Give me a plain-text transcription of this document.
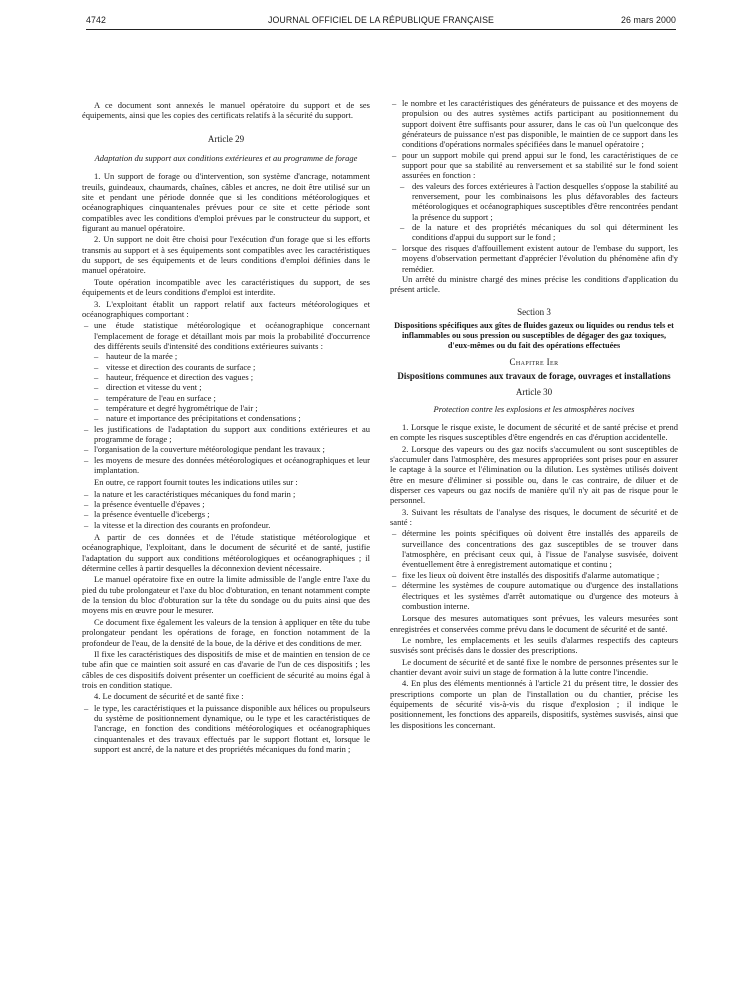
4742	JOURNAL OFFICIEL DE LA RÉPUBLIQUE FRANÇAISE	26 mars 2000

A ce document sont annexés le manuel opératoire du support et de ses équipements, ainsi que les copies des certificats relatifs à la sécurité du support.

Article 29

Adaptation du support aux conditions extérieures et au programme de forage

1. Un support de forage ou d'intervention, son système d'ancrage, notamment treuils, guindeaux, chaumards, chaînes, câbles et ancres, ne doit être utilisé sur un site et pendant une période donnée que si les conditions météorologiques et océanographiques cinquantenales prévues pour ce site et cette période sont compatibles avec les conditions d'emploi prévues par le constructeur du support, et figurant au manuel opératoire.

2. Un support ne doit être choisi pour l'exécution d'un forage que si les efforts transmis au support et à ses équipements sont compatibles avec les caractéristiques du support, de ses équipements et de leurs conditions d'emploi définies dans le manuel opératoire.

Toute opération incompatible avec les caractéristiques du support, de ses équipements et de leurs conditions d'emploi est interdite.

3. L'exploitant établit un rapport relatif aux facteurs météorologiques et océanographiques comportant :

– une étude statistique météorologique et océanographique concernant l'emplacement de forage et détaillant mois par mois la probabilité d'occurrence des différents seuils d'intensité des conditions extérieures suivants :
– hauteur de la marée ;
– vitesse et direction des courants de surface ;
– hauteur, fréquence et direction des vagues ;
– direction et vitesse du vent ;
– température de l'eau en surface ;
– température et degré hygrométrique de l'air ;
– nature et importance des précipitations et condensations ;
– les justifications de l'adaptation du support aux conditions extérieures et au programme de forage ;
– l'organisation de la couverture météorologique pendant les travaux ;
– les moyens de mesure des données météorologiques et océanographiques et leur implantation.

En outre, ce rapport fournit toutes les indications utiles sur :

– la nature et les caractéristiques mécaniques du fond marin ;
– la présence éventuelle d'épaves ;
– la présence éventuelle d'icebergs ;
– la vitesse et la direction des courants en profondeur.

A partir de ces données et de l'étude statistique météorologique et océanographique, l'exploitant, dans le document de sécurité et de santé, justifie l'adaptation du support aux conditions météorologiques et océanographiques ; il détermine celles à partir desquelles la déconnexion devient nécessaire.

Le manuel opératoire fixe en outre la limite admissible de l'angle entre l'axe du pied du tube prolongateur et l'axe du bloc d'obturation, en tenant notamment compte de la tension du bloc d'obturation sur la tête du sondage ou du puits ainsi que des moyens mis en œuvre pour le mesurer.

Ce document fixe également les valeurs de la tension à appliquer en tête du tube prolongateur pendant les opérations de forage, en fonction notamment de la profondeur de l'eau, de la densité de la boue, de la dérive et des conditions de mer.

Il fixe les caractéristiques des dispositifs de mise et de maintien en tension de ce tube afin que ce maintien soit assuré en cas d'avarie de l'un de ces dispositifs ; les câbles de ces dispositifs doivent présenter un coefficient de sécurité au moins égal à trois en condition statique.

4. Le document de sécurité et de santé fixe :

– le type, les caractéristiques et la puissance disponible aux hélices ou propulseurs du système de positionnement dynamique, ou le type et les caractéristiques de l'ancrage, en fonction des conditions météorologiques et océanographiques cinquantenales et des travaux effectués par le support flottant et, lorsque le support est ancré, de la nature et des propriétés mécaniques du fond marin ;
– le nombre et les caractéristiques des générateurs de puissance et des moyens de propulsion ou des autres systèmes actifs participant au positionnement du support doivent être suffisants pour assurer, dans le cas où l'un quelconque des générateurs de puissance n'est pas disponible, le maintien de ce support dans les conditions d'opérations normales spécifiées dans le manuel opératoire ;
– pour un support mobile qui prend appui sur le fond, les caractéristiques de ce support pour que sa stabilité au renversement et sa stabilité sur le fond soient assurées en fonction :
– des valeurs des forces extérieures à l'action desquelles s'oppose la stabilité au renversement, pour les combinaisons les plus défavorables des facteurs météorologiques et océanographiques susceptibles d'être rencontrées pendant la présence du support ;
– de la nature et des propriétés mécaniques du sol qui déterminent les conditions d'appui du support sur le fond ;
– lorsque des risques d'affouillement existent autour de l'embase du support, les moyens d'observation permettant d'apprécier l'évolution du phénomène afin d'y remédier.

Un arrêté du ministre chargé des mines précise les conditions d'application du présent article.

Section 3

Dispositions spécifiques aux gîtes de fluides gazeux ou liquides ou rendus tels et inflammables ou sous pression ou susceptibles de dégager des gaz toxiques, d'eux-mêmes ou du fait des opérations effectuées

Chapitre Ier

Dispositions communes aux travaux de forage, ouvrages et installations

Article 30

Protection contre les explosions et les atmosphères nocives

1. Lorsque le risque existe, le document de sécurité et de santé précise et prend en compte les risques susceptibles d'être engendrés en cas d'éruption accidentelle.

2. Lorsque des vapeurs ou des gaz nocifs s'accumulent ou sont susceptibles de s'accumuler dans l'atmosphère, des mesures appropriées sont prises pour en assurer le captage à la source et l'élimination ou la dilution. Les systèmes utilisés doivent être en mesure d'éliminer si possible ou, dans le cas contraire, de diluer et de disperser ces vapeurs ou gaz nocifs de manière qu'il n'y ait pas de risque pour le personnel.

3. Suivant les résultats de l'analyse des risques, le document de sécurité et de santé :

– détermine les points spécifiques où doivent être installés des appareils de surveillance des concentrations des gaz susceptibles de se trouver dans l'atmosphère, en précisant ceux qui, à l'issue de l'analyse susvisée, doivent éventuellement être à enregistrement automatique et continu ;
– fixe les lieux où doivent être installés des dispositifs d'alarme automatique ;
– détermine les systèmes de coupure automatique ou d'urgence des installations électriques et les systèmes d'arrêt automatique ou d'urgence des moteurs à combustion interne.

Lorsque des mesures automatiques sont prévues, les valeurs mesurées sont enregistrées et conservées comme prévu dans le document de sécurité et de santé.

Le nombre, les emplacements et les seuils d'alarmes respectifs des capteurs susvisés sont précisés dans le dossier des prescriptions.

Le document de sécurité et de santé fixe le nombre de personnes présentes sur le chantier devant avoir suivi un stage de formation à la lutte contre l'incendie.

4. En plus des éléments mentionnés à l'article 21 du présent titre, le dossier des prescriptions comporte un plan de l'installation ou du chantier, précise les équipements de sécurité vis-à-vis du risque d'explosion ; il indique le positionnement, les fonctions des appareils, dispositifs, systèmes susvisés, ainsi que les dispositions les concernant.
